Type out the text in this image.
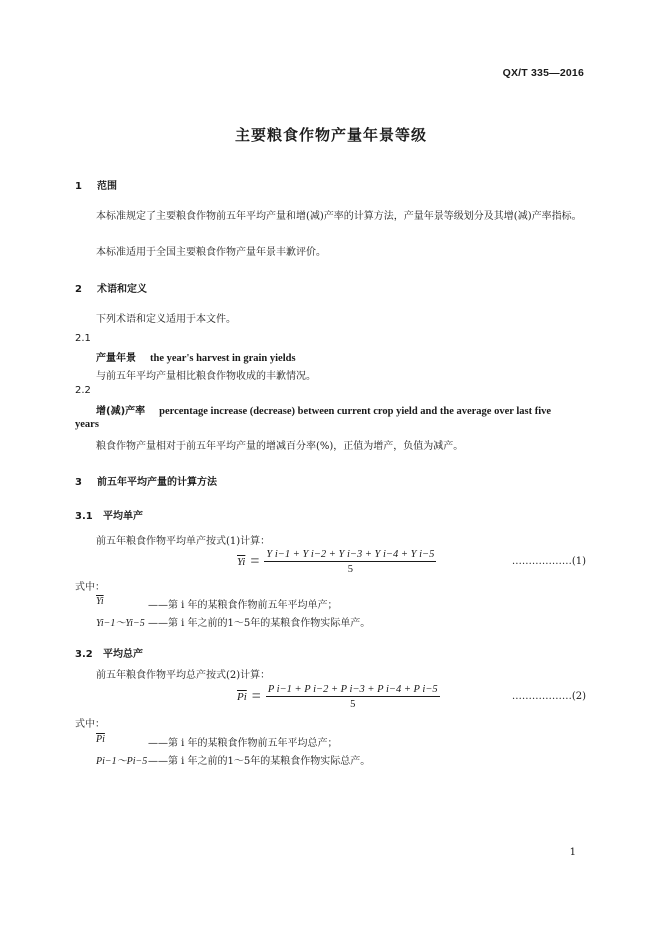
QX/T 335—2016
主要粮食作物产量年景等级
1 范围
本标准规定了主要粮食作物前五年平均产量和增(减)产率的计算方法，产量年景等级划分及其增(减)产率指标。
本标准适用于全国主要粮食作物产量年景丰歉评价。
2 术语和定义
下列术语和定义适用于本文件。
2.1
产量年景 the year's harvest in grain yields
与前五年平均产量相比粮食作物收成的丰歉情况。
2.2
增(减)产率 percentage increase (decrease) between current crop yield and the average over last five
years
粮食作物产量相对于前五年平均产量的增减百分率(%)，正值为增产，负值为减产。
3 前五年平均产量的计算方法
3.1 平均单产
前五年粮食作物平均单产按式(1)计算：
$\overline{Yi} = \frac{\text{Y i−1 + Y i−2 + Y i−3 + Y i−4 + Y i−5}}{5}$	………………(1)
式中：
$\overline{Yi}$	——第 i 年的某粮食作物前五年平均单产；
Yi−1～Yi−5 ——第 i 年之前的1～5年的某粮食作物实际单产。
3.2 平均总产
前五年粮食作物平均总产按式(2)计算：
$\overline{Pi} = \frac{\text{P i−1 + P i−2 + P i−3 + P i−4 + P i−5}}{5}$	………………(2)
式中：
$\overline{Pi}$	——第 i 年的某粮食作物前五年平均总产；
Pi−1～Pi−5 ——第 i 年之前的1～5年的某粮食作物实际总产。
1
